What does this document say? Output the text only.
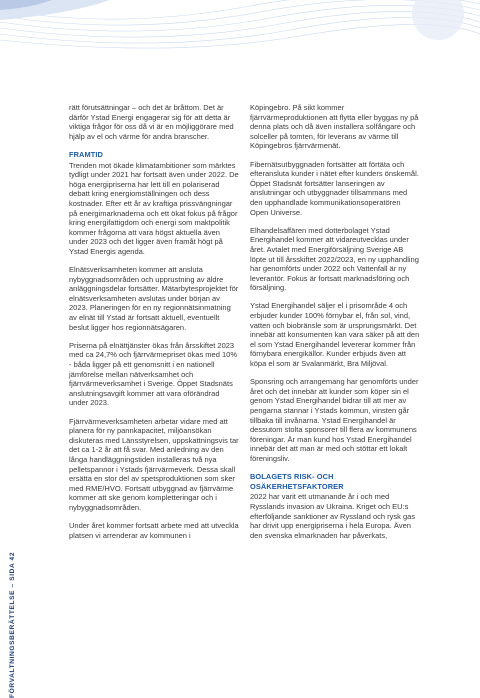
FÖRVALTNINGSBERÄTTELSE – SIDA 42

rätt förutsättningar – och det är bråttom. Det är därför Ystad Energi engagerar sig för att detta är viktiga frågor för oss då vi är en möjliggörare med hjälp av el och värme för andra branscher.

FRAMTID

Trenden mot ökade klimatambitioner som märktes tydligt under 2021 har fortsatt även under 2022. De höga energipriserna har lett till en polariserad debatt kring energiomställningen och dess kostnader. Efter ett år av kraftiga prissvängningar på energimarknaderna och ett ökat fokus på frågor kring energifattigdom och energi som maktpolitik kommer frågorna att vara högst aktuella även under 2023 och det ligger även framåt högt på Ystad Energis agenda.

Elnätsverksamheten kommer att ansluta nybyggnadsområden och upprustning av äldre anläggningsdelar fortsätter. Mätarbytesprojektet för elnätsverksamheten avslutas under början av 2023. Planeringen för en ny regionnätsinmatning av elnät till Ystad är fortsatt aktuell, eventuellt beslut ligger hos regionnätsägaren.

Priserna på elnättjänster ökas från årsskiftet 2023 med ca 24,7% och fjärrvärmepriset ökas med 10% - båda ligger på ett genomsnitt i en nationell jämförelse mellan nätverksamhet och fjärrvärmeverksamhet i Sverige. Öppet Stadsnäts anslutningsavgift kommer att vara oförändrad under 2023.

Fjärrvärmeverksamheten arbetar vidare med att planera för ny pannkapacitet, miljöansökan diskuteras med Länsstyrelsen, uppskattningsvis tar det ca 1-2 år att få svar. Med anledning av den långa handläggningstiden installeras två nya pelletspannor i Ystads fjärrvärmeverk. Dessa skall ersätta en stor del av spetsproduktionen som sker med RME/HVO. Fortsatt utbyggnad av fjärrvärme kommer att ske genom kompletteringar och i nybyggnadsområden.

Under året kommer fortsatt arbete med att utveckla platsen vi arrenderar av kommunen i

Köpingebro. På sikt kommer fjärrvärmeproduktionen att flytta eller byggas ny på denna plats och då även installera solfångare och solceller på tomten, för leverans av värme till Köpingebros fjärrvärmenät.

Fibernätsutbyggnaden fortsätter att förtäta och efteransluta kunder i nätet efter kunders önskemål. Öppet Stadsnät fortsätter lanseringen av anslutningar och utbyggnader tillsammans med den upphandlade kommunikationsoperatören Open Universe.

Elhandelsaffären med dotterbolaget Ystad Energihandel kommer att vidareutvecklas under året. Avtalet med Energiförsäljning Sverige AB löpte ut till årsskiftet 2022/2023, en ny upphandling har genomförts under 2022 och Vattenfall är ny leverantör. Fokus är fortsatt marknadsföring och försäljning.

Ystad Energihandel säljer el i prisområde 4 och erbjuder kunder 100% förnybar el, från sol, vind, vatten och biobränsle som är ursprungsmärkt. Det innebär att konsumenten kan vara säker på att den el som Ystad Energihandel levererar kommer från förnybara energikällor. Kunder erbjuds även att köpa el som är Svalanmärkt, Bra Miljöval.

Sponsring och arrangemang har genomförts under året och det innebär att kunder som köper sin el genom Ystad Energihandel bidrar till att mer av pengarna stannar i Ystads kommun, vinsten går tillbaka till invånarna. Ystad Energihandel är dessutom stolta sponsorer till flera av kommunens föreningar. Är man kund hos Ystad Energihandel innebär det att man är med och stöttar ett lokalt föreningsliv.

BOLAGETS RISK- OCH OSÄKERHETSFAKTORER

2022 har varit ett utmanande år i och med Rysslands invasion av Ukraina. Kriget och EU:s efterföljande sanktioner av Ryssland och rysk gas har drivit upp energipriserna i hela Europa. Även den svenska elmarknaden har påverkats,
